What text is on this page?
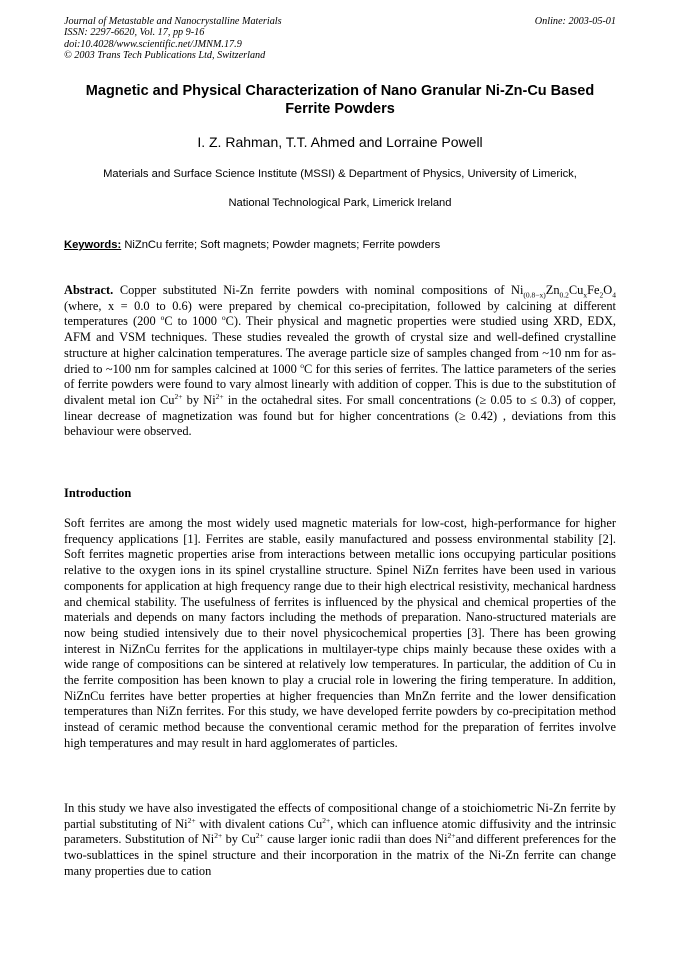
Journal of Metastable and Nanocrystalline Materials
ISSN: 2297-6620, Vol. 17, pp 9-16
doi:10.4028/www.scientific.net/JMNM.17.9
© 2003 Trans Tech Publications Ltd, Switzerland
Online: 2003-05-01
Magnetic and Physical Characterization of Nano Granular Ni-Zn-Cu Based Ferrite Powders
I. Z. Rahman, T.T. Ahmed and Lorraine Powell
Materials and Surface Science Institute (MSSI) & Department of Physics, University of Limerick,
National Technological Park, Limerick Ireland
Keywords: NiZnCu ferrite; Soft magnets; Powder magnets; Ferrite powders
Abstract. Copper substituted Ni-Zn ferrite powders with nominal compositions of $Ni_{(0.8-x)}Zn_{0.2}Cu_xFe_2O_4$ (where, x = 0.0 to 0.6) were prepared by chemical co-precipitation, followed by calcining at different temperatures (200 $^o$C to 1000 $^o$C). Their physical and magnetic properties were studied using XRD, EDX, AFM and VSM techniques. These studies revealed the growth of crystal size and well-defined crystalline structure at higher calcination temperatures. The average particle size of samples changed from ~10 nm for as-dried to ~100 nm for samples calcined at 1000 $^o$C for this series of ferrites. The lattice parameters of the series of ferrite powders were found to vary almost linearly with addition of copper. This is due to the substitution of divalent metal ion $Cu^{2+}$ by $Ni^{2+}$ in the octahedral sites. For small concentrations (≥ 0.05 to ≤ 0.3) of copper, linear decrease of magnetization was found but for higher concentrations (≥ 0.42) , deviations from this behaviour were observed.
Introduction
Soft ferrites are among the most widely used magnetic materials for low-cost, high-performance for higher frequency applications [1]. Ferrites are stable, easily manufactured and possess environmental stability [2]. Soft ferrites magnetic properties arise from interactions between metallic ions occupying particular positions relative to the oxygen ions in its spinel crystalline structure. Spinel NiZn ferrites have been used in various components for application at high frequency range due to their high electrical resistivity, mechanical hardness and chemical stability. The usefulness of ferrites is influenced by the physical and chemical properties of the materials and depends on many factors including the methods of preparation. Nano-structured materials are now being studied intensively due to their novel physicochemical properties [3]. There has been growing interest in NiZnCu ferrites for the applications in multilayer-type chips mainly because these oxides with a wide range of compositions can be sintered at relatively low temperatures. In particular, the addition of Cu in the ferrite composition has been known to play a crucial role in lowering the firing temperature. In addition, NiZnCu ferrites have better properties at higher frequencies than MnZn ferrite and the lower densification temperatures than NiZn ferrites. For this study, we have developed ferrite powders by co-precipitation method instead of ceramic method because the conventional ceramic method for the preparation of ferrites involve high temperatures and may result in hard agglomerates of particles.
In this study we have also investigated the effects of compositional change of a stoichiometric Ni-Zn ferrite by partial substituting of $Ni^{2+}$ with divalent cations $Cu^{2+}$, which can influence atomic diffusivity and the intrinsic parameters. Substitution of $Ni^{2+}$ by $Cu^{2+}$ cause larger ionic radii than does $Ni^{2+}and$ different preferences for the two-sublattices in the spinel structure and their incorporation in the matrix of the Ni-Zn ferrite can change many properties due to cation
